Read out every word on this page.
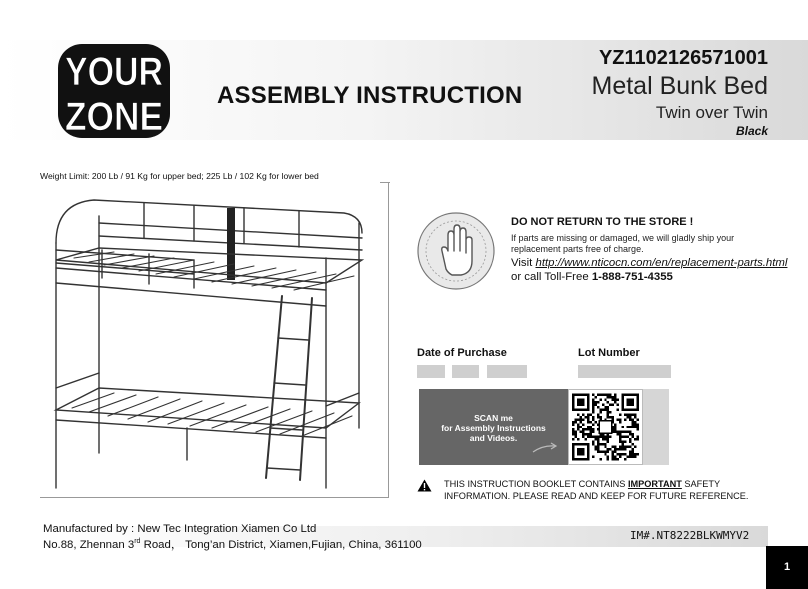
YOUR
ZONE ASSEMBLY INSTRUCTION
YZ1102126571001
Metal Bunk Bed
Twin over Twin
Black
Weight Limit: 200 Lb / 91 Kg for upper bed; 225 Lb / 102 Kg for lower bed
DO NOT RETURN TO THE STORE !
If parts are missing or damaged, we will gladly ship your replacement parts free of charge.
Visit http://www.nticocn.com/en/replacement-parts.html
or call Toll-Free 1-888-751-4355
Date of Purchase	Lot Number
SCAN me
for Assembly Instructions
and Videos.
THIS INSTRUCTION BOOKLET CONTAINS IMPORTANT SAFETY
INFORMATION. PLEASE READ AND KEEP FOR FUTURE REFERENCE.
Manufactured by : New Tec Integration Xiamen Co Ltd
No.88, Zhennan 3rd Road， Tong’an District, Xiamen,Fujian, China, 361100
IM#.NT8222BLKWMYV2
1
